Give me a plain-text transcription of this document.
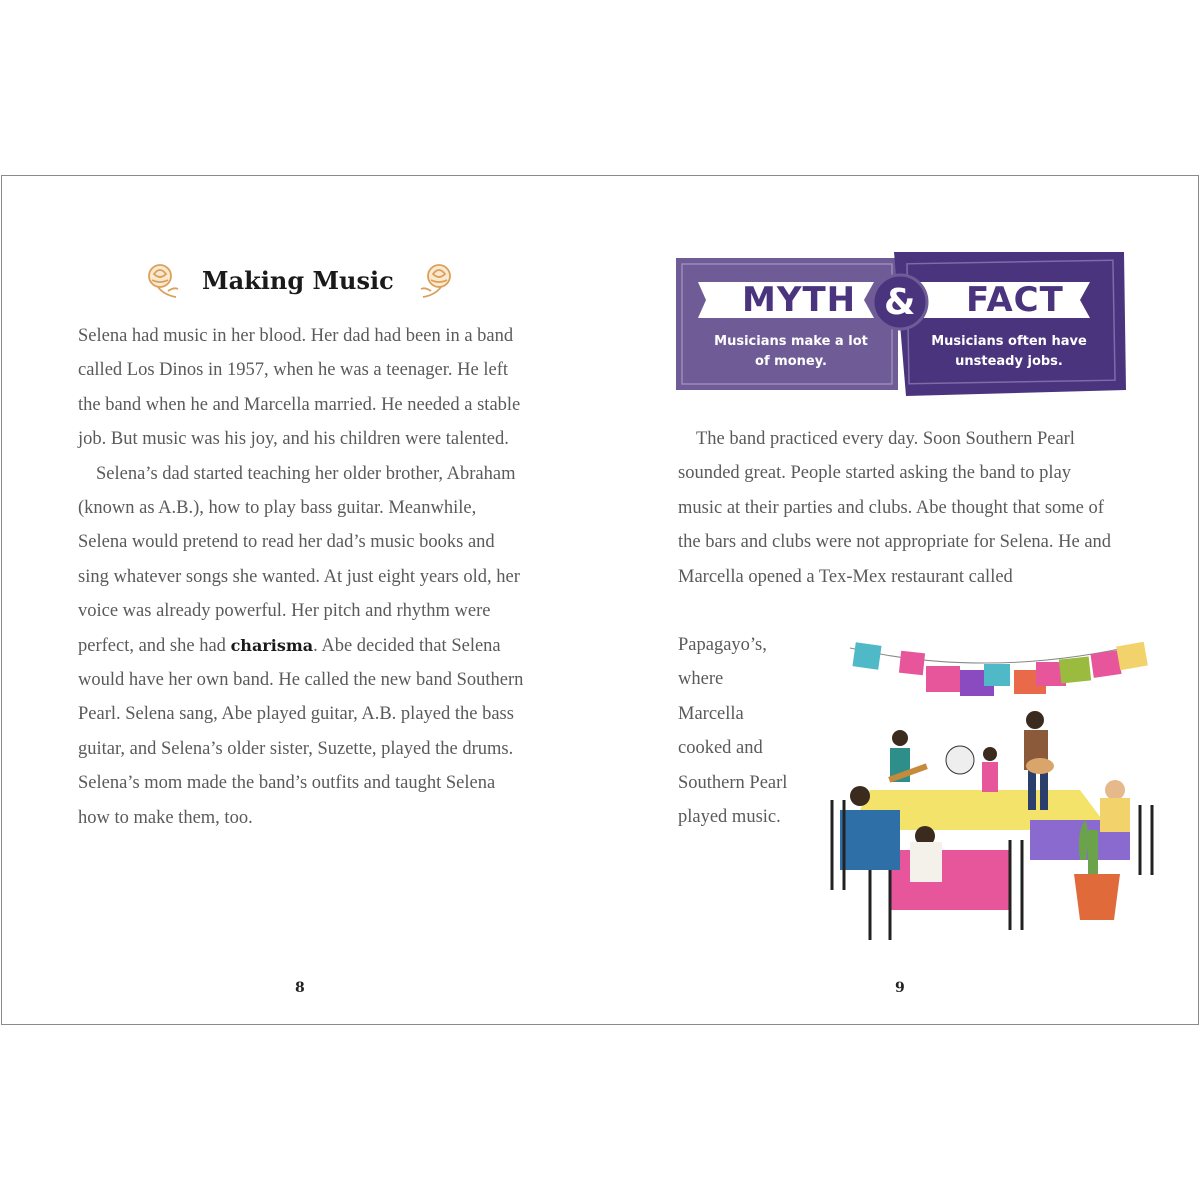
Making Music

Selena had music in her blood. Her dad had been in a band called Los Dinos in 1957, when he was a teenager. He left the band when he and Marcella married. He needed a stable job. But music was his joy, and his children were talented.

Selena’s dad started teaching her older brother, Abraham (known as A.B.), how to play bass guitar. Meanwhile, Selena would pretend to read her dad’s music books and sing whatever songs she wanted. At just eight years old, her voice was already powerful. Her pitch and rhythm were perfect, and she had charisma. Abe decided that Selena would have her own band. He called the new band Southern Pearl. Selena sang, Abe played guitar, A.B. played the bass guitar, and Selena’s older sister, Suzette, played the drums. Selena’s mom made the band’s outfits and taught Selena how to make them, too.

8
MYTH & FACT
Musicians make a lot of money.
Musicians often have unsteady jobs.

The band practiced every day. Soon Southern Pearl sounded great. People started asking the band to play music at their parties and clubs. Abe thought that some of the bars and clubs were not appropriate for Selena. He and Marcella opened a Tex-Mex restaurant called

Papagayo’s,
where
Marcella
cooked and
Southern Pearl
played music.
9
